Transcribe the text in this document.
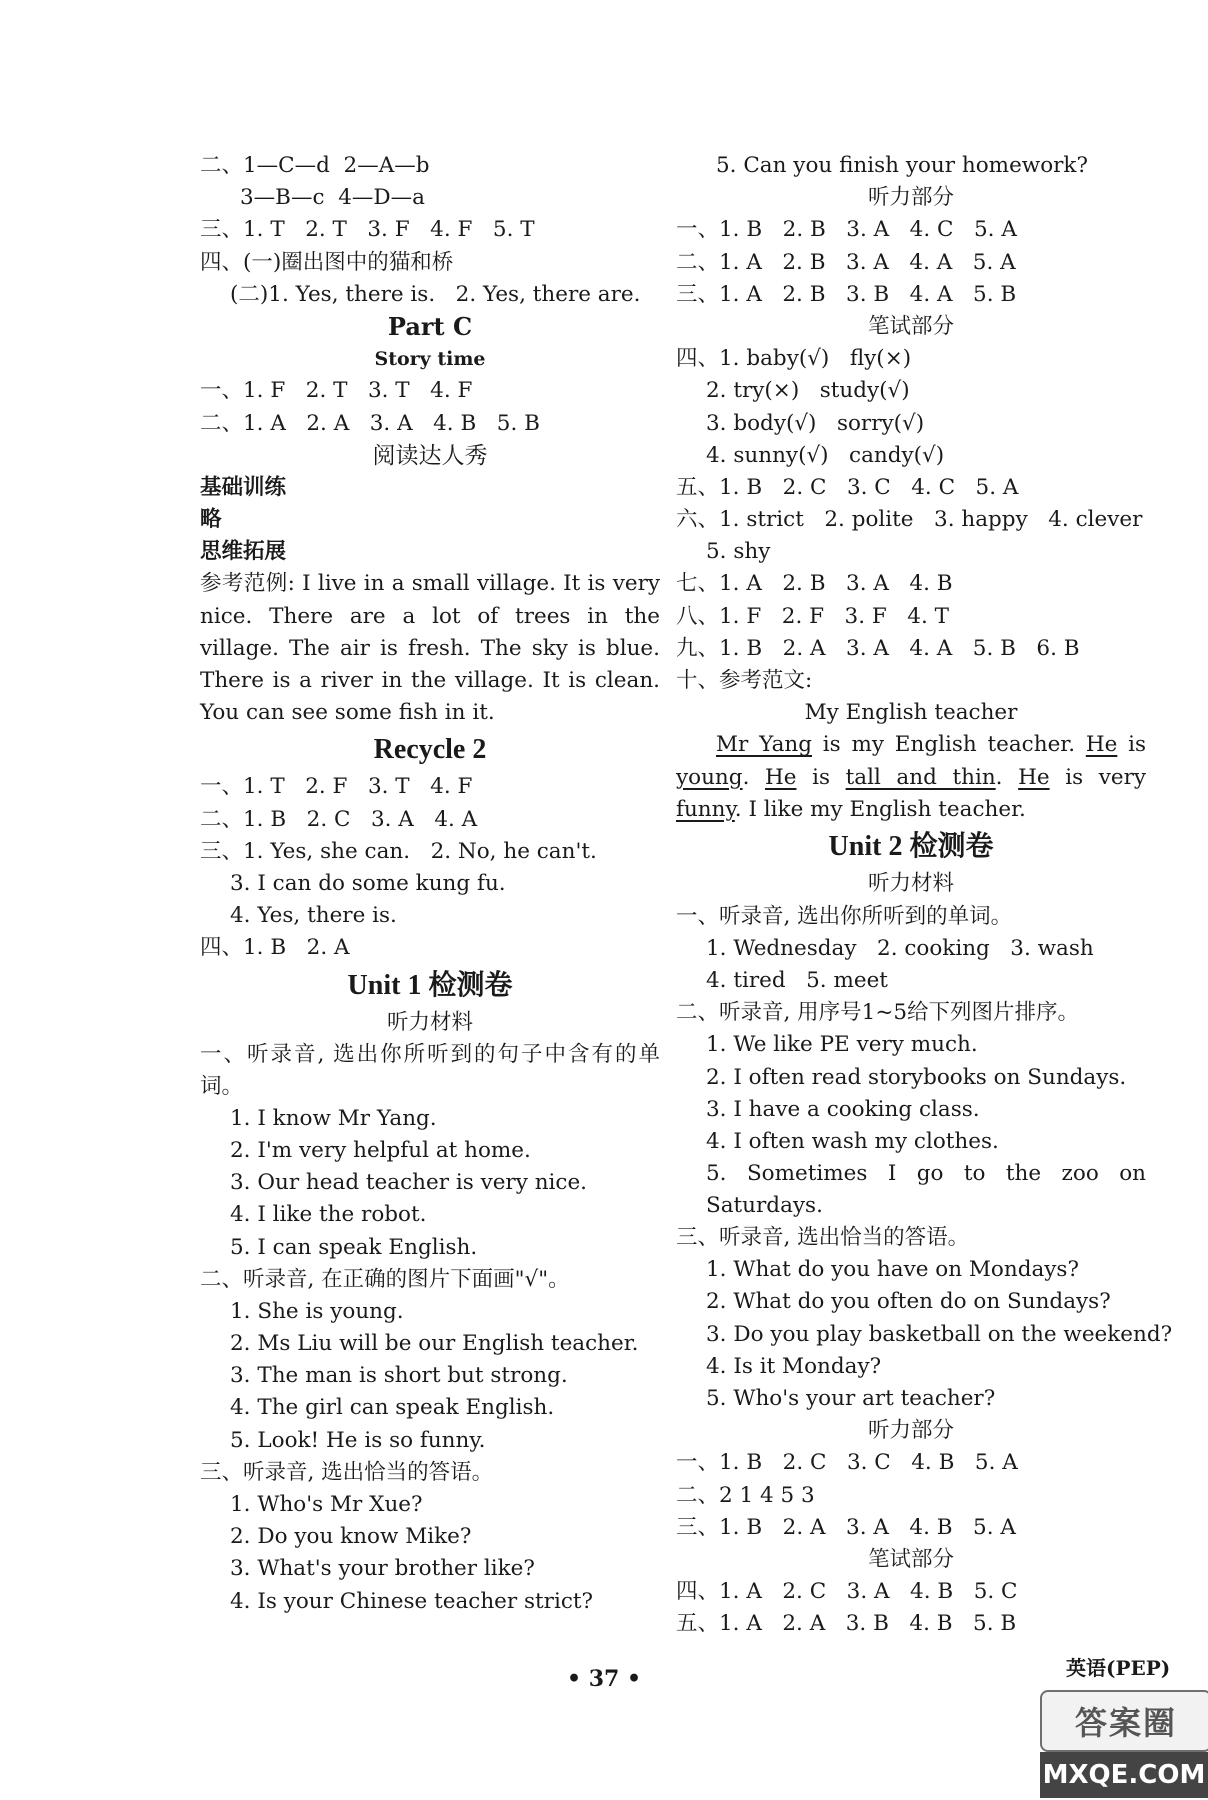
二、1—C—d  2—A—b
3—B—c  4—D—a
三、1. T   2. T   3. F   4. F   5. T
四、(一)圈出图中的猫和桥
(二)1. Yes, there is.   2. Yes, there are.
Part C
Story time
一、1. F   2. T   3. T   4. F
二、1. A   2. A   3. A   4. B   5. B
阅读达人秀
基础训练
略
思维拓展
参考范例: I live in a small village. It is very nice. There are a lot of trees in the village. The air is fresh. The sky is blue. There is a river in the village. It is clean. You can see some fish in it.
Recycle 2
一、1. T   2. F   3. T   4. F
二、1. B   2. C   3. A   4. A
三、1. Yes, she can.   2. No, he can't.
3. I can do some kung fu.
4. Yes, there is.
四、1. B   2. A
Unit 1 检测卷
听力材料
一、听录音, 选出你所听到的句子中含有的单词。
1. I know Mr Yang.
2. I'm very helpful at home.
3. Our head teacher is very nice.
4. I like the robot.
5. I can speak English.
二、听录音, 在正确的图片下面画"√"。
1. She is young.
2. Ms Liu will be our English teacher.
3. The man is short but strong.
4. The girl can speak English.
5. Look! He is so funny.
三、听录音, 选出恰当的答语。
1. Who's Mr Xue?
2. Do you know Mike?
3. What's your brother like?
4. Is your Chinese teacher strict?
5. Can you finish your homework?
听力部分
一、1. B   2. B   3. A   4. C   5. A
二、1. A   2. B   3. A   4. A   5. A
三、1. A   2. B   3. B   4. A   5. B
笔试部分
四、1. baby(√)   fly(×)
2. try(×)   study(√)
3. body(√)   sorry(√)
4. sunny(√)   candy(√)
五、1. B   2. C   3. C   4. C   5. A
六、1. strict   2. polite   3. happy   4. clever
5. shy
七、1. A   2. B   3. A   4. B
八、1. F   2. F   3. F   4. T
九、1. B   2. A   3. A   4. A   5. B   6. B
十、参考范文:
My English teacher
Mr Yang is my English teacher. He is young. He is tall and thin. He is very funny. I like my English teacher.
Unit 2 检测卷
听力材料
一、听录音, 选出你所听到的单词。
1. Wednesday   2. cooking   3. wash
4. tired   5. meet
二、听录音, 用序号1~5给下列图片排序。
1. We like PE very much.
2. I often read storybooks on Sundays.
3. I have a cooking class.
4. I often wash my clothes.
5. Sometimes I go to the zoo on Saturdays.
三、听录音, 选出恰当的答语。
1. What do you have on Mondays?
2. What do you often do on Sundays?
3. Do you play basketball on the weekend?
4. Is it Monday?
5. Who's your art teacher?
听力部分
一、1. B   2. C   3. C   4. B   5. A
二、2 1 4 5 3
三、1. B   2. A   3. A   4. B   5. A
笔试部分
四、1. A   2. C   3. A   4. B   5. C
五、1. A   2. A   3. B   4. B   5. B
英语(PEP)
• 37 •
答案圈
MXQE.COM
